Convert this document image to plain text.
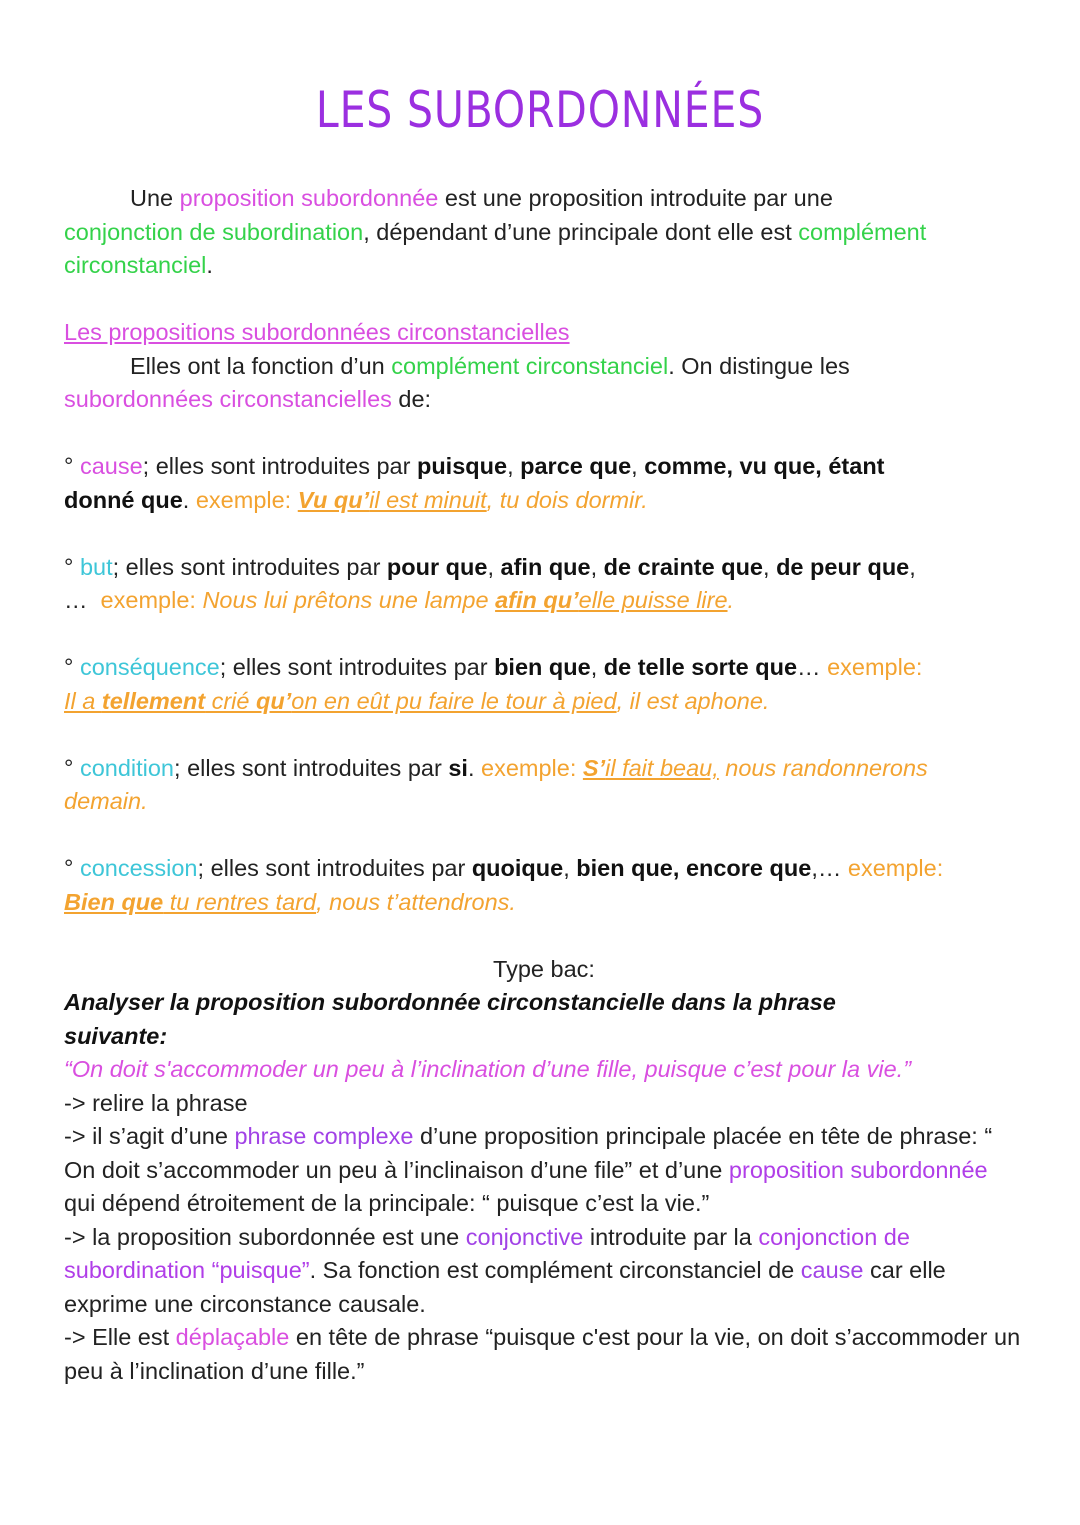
LES SUBORDONNÉES

Une proposition subordonnée est une proposition introduite par une

conjonction de subordination, dépendant d’une principale dont elle est complément
circonstanciel.

Les propositions subordonnées circonstancielles

Elles ont la fonction d’un complément circonstanciel. On distingue les

subordonnées circonstancielles de:

° cause; elles sont introduites par puisque, parce que, comme, vu que, étant
donné que. exemple: Vu qu’il est minuit, tu dois dormir.

° but; elles sont introduites par pour que, afin que, de crainte que, de peur que,
…  exemple: Nous lui prêtons une lampe afin qu’elle puisse lire.

° conséquence; elles sont introduites par bien que, de telle sorte que… exemple:
Il a tellement crié qu’on en eût pu faire le tour à pied, il est aphone.

° condition; elles sont introduites par si. exemple: S’il fait beau, nous randonnerons
demain.

° concession; elles sont introduites par quoique, bien que, encore que,… exemple:
Bien que tu rentres tard, nous t’attendrons.

Type bac:

Analyser la proposition subordonnée circonstancielle dans la phrase suivante:

“On doit s'accommoder un peu à l’inclination d’une fille, puisque c’est pour la vie.”

-> relire la phrase

-> il s’agit d’une phrase complexe d’une proposition principale placée en tête de phrase: “ On doit s’accommoder un peu à l’inclinaison d’une file” et d’une proposition subordonnée qui dépend étroitement de la principale: “ puisque c’est la vie.”

-> la proposition subordonnée est une conjonctive introduite par la conjonction de subordination “puisque”. Sa fonction est complément circonstanciel de cause car elle exprime une circonstance causale.

-> Elle est déplaçable en tête de phrase “puisque c'est pour la vie, on doit s’accommoder un peu à l’inclination d’une fille.”
